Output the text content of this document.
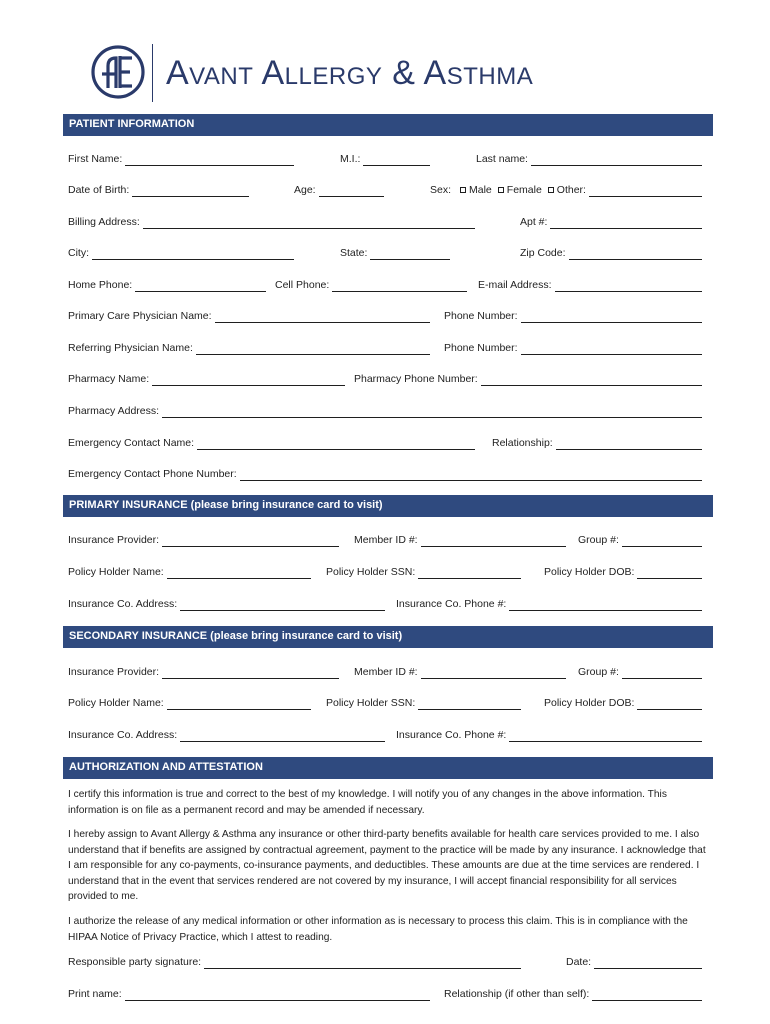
Avant Allergy & Asthma
PATIENT INFORMATION
First Name:	M.I.:	Last name:
Date of Birth:	Age:	Sex: Male Female Other:
Billing Address:	Apt #:
City:	State:	Zip Code:
Home Phone:	Cell Phone:	E-mail Address:
Primary Care Physician Name:	Phone Number:
Referring Physician Name:	Phone Number:
Pharmacy Name:	Pharmacy Phone Number:
Pharmacy Address:
Emergency Contact Name:	Relationship:
Emergency Contact Phone Number:
PRIMARY INSURANCE (please bring insurance card to visit)
Insurance Provider:	Member ID #:	Group #:
Policy Holder Name:	Policy Holder SSN:	Policy Holder DOB:
Insurance Co. Address:	Insurance Co. Phone #:
SECONDARY INSURANCE (please bring insurance card to visit)
Insurance Provider:	Member ID #:	Group #:
Policy Holder Name:	Policy Holder SSN:	Policy Holder DOB:
Insurance Co. Address:	Insurance Co. Phone #:
AUTHORIZATION AND ATTESTATION

I certify this information is true and correct to the best of my knowledge. I will notify you of any changes in the above information. This information is on file as a permanent record and may be amended if necessary.

I hereby assign to Avant Allergy & Asthma any insurance or other third-party benefits available for health care services provided to me. I also understand that if benefits are assigned by contractual agreement, payment to the practice will be made by any insurance. I acknowledge that I am responsible for any co-payments, co-insurance payments, and deductibles. These amounts are due at the time services are rendered. I understand that in the event that services rendered are not covered by my insurance, I will accept financial responsibility for all services provided to me.

I authorize the release of any medical information or other information as is necessary to process this claim. This is in compliance with the HIPAA Notice of Privacy Practice, which I attest to reading.

Responsible party signature:	Date:
Print name:	Relationship (if other than self):
